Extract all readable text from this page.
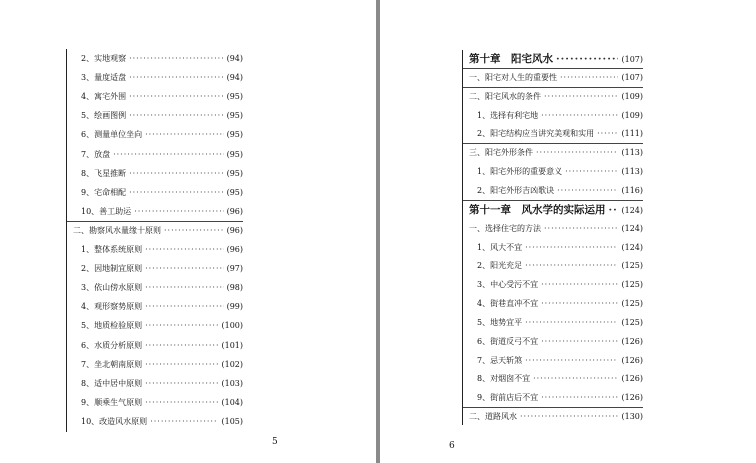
2、实地观察 ·····	(94)
3、量度适盘 ·····	(94)
4、寓宅外围 ·····	(95)
5、绘画图例 ·····	(95)
6、测量单位坐向 ·····	(95)
7、放盘 ·····	(95)
8、飞星推断 ·····	(95)
9、宅命相配 ·····	(95)
10、善工助运 ·····	(96)
二、勘察风水量缘十原则 ·····	(96)
1、整体系统原则 ·····	(96)
2、因地制宜原则 ·····	(97)
3、依山傍水原则 ·····	(98)
4、观形察势原则 ·····	(99)
5、地质检验原则 ·····	(100)
6、水质分析原则 ·····	(101)
7、坐北朝南原则 ·····	(102)
8、适中居中原则 ·····	(103)
9、顺乘生气原则 ·····	(104)
10、改造风水原则 ·····	(105)
5
第十章　阳宅风水 ·····	(107)
一、阳宅对人生的重要性 ·····	(107)
二、阳宅风水的条件 ·····	(109)
1、选择有利宅地 ·····	(109)
2、阳宅结构应当讲究美观和实用 ·····	(111)
三、阳宅外形条件 ·····	(113)
1、阳宅外形的重要意义 ·····	(113)
2、阳宅外形吉凶歌诀 ·····	(116)
第十一章　风水学的实际运用 ····· (124)
一、选择住宅的方法 ·····	(124)
1、风大不宜 ·····	(124)
2、阳光充足 ·····	(125)
3、中心受污不宜 ·····	(125)
4、街巷直冲不宜 ·····	(125)
5、地势宜平 ·····	(125)
6、街道反弓不宜 ·····	(126)
7、忌天斩煞 ·····	(126)
8、对烟囱不宜 ·····	(126)
9、街前店后不宜 ·····	(126)
二、道路风水 ·····	(130)
6
